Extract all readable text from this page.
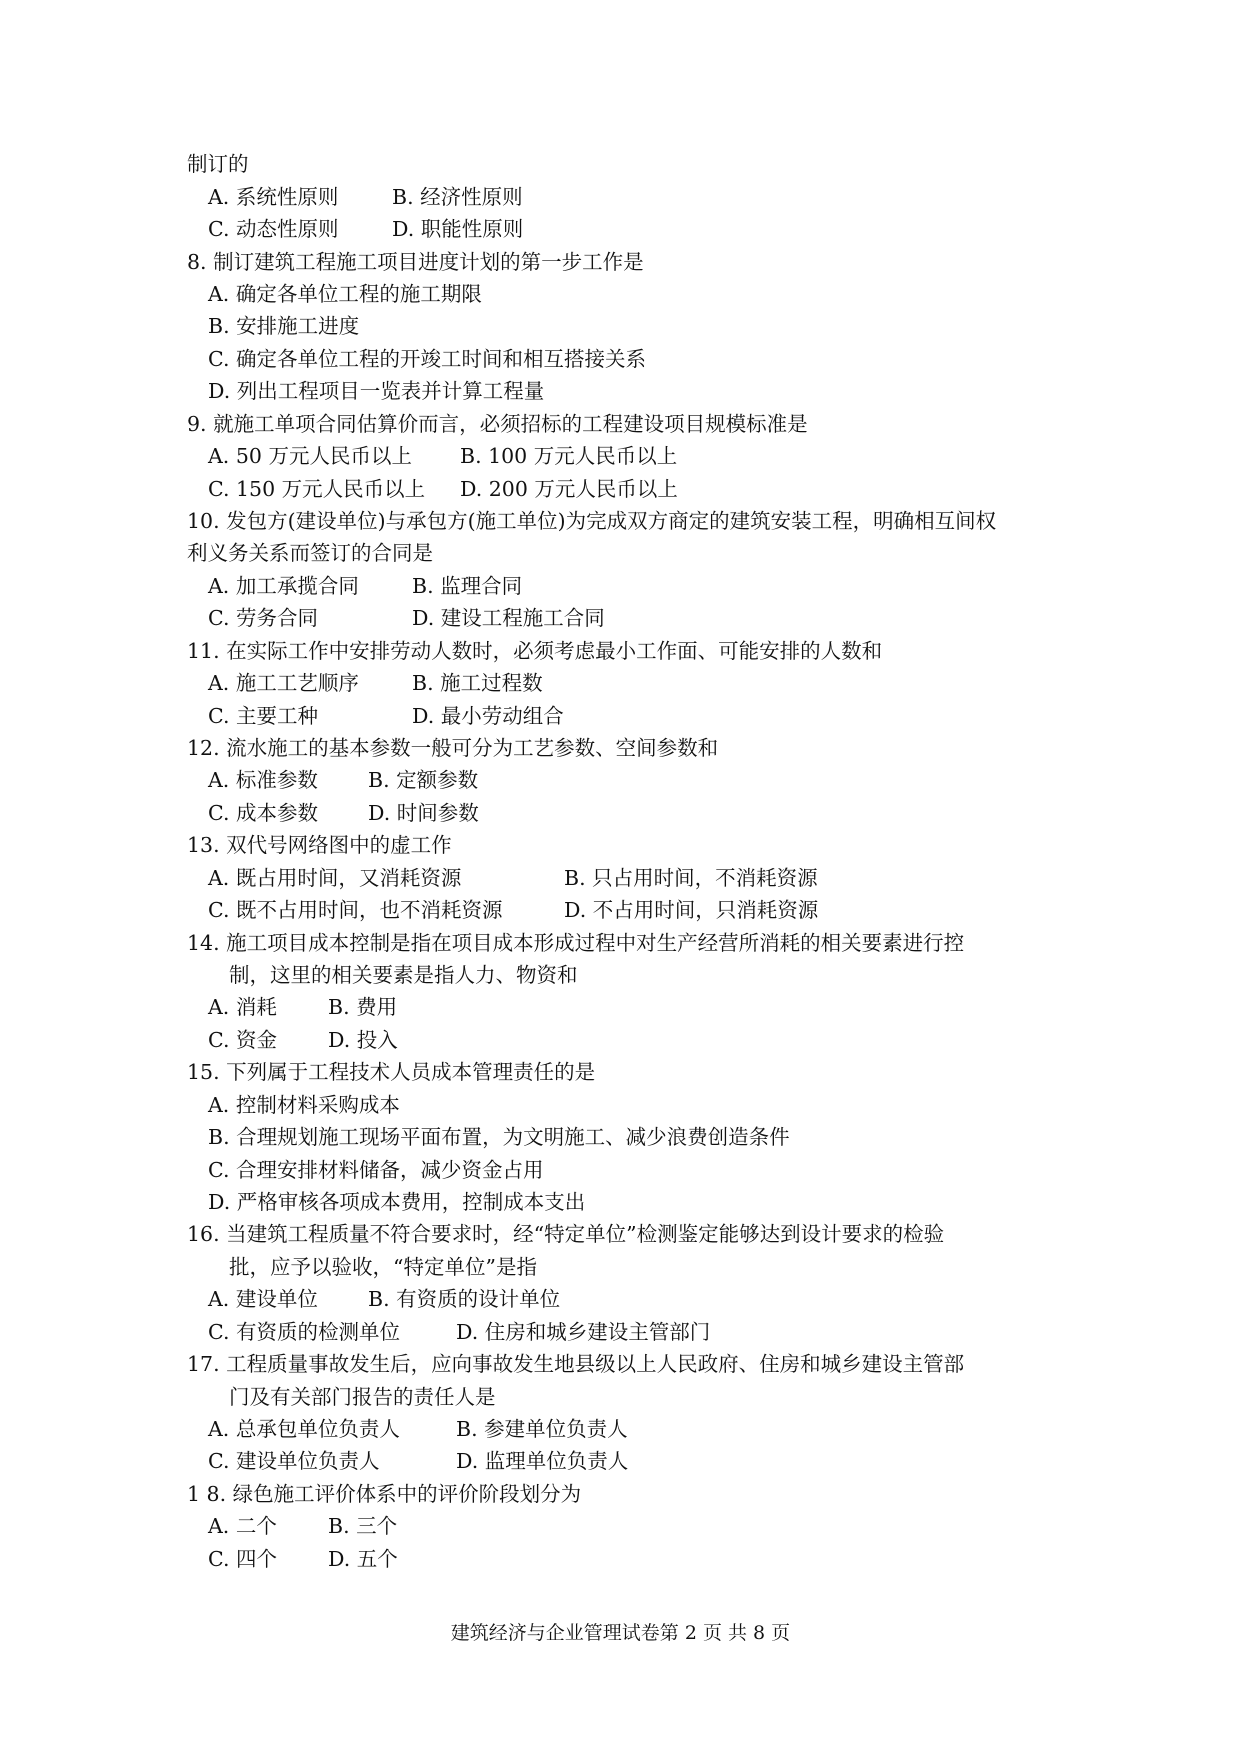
制订的
A. 系统性原则	B. 经济性原则
C. 动态性原则	D. 职能性原则
8. 制订建筑工程施工项目进度计划的第一步工作是
A. 确定各单位工程的施工期限
B. 安排施工进度
C. 确定各单位工程的开竣工时间和相互搭接关系
D. 列出工程项目一览表并计算工程量
9. 就施工单项合同估算价而言，必须招标的工程建设项目规模标准是
A. 50 万元人民币以上 B. 100 万元人民币以上
C. 150 万元人民币以上 D. 200 万元人民币以上
10. 发包方(建设单位)与承包方(施工单位)为完成双方商定的建筑安装工程，明确相互间权
利义务关系而签订的合同是
A. 加工承揽合同	B. 监理合同
C. 劳务合同	D. 建设工程施工合同
11. 在实际工作中安排劳动人数时，必须考虑最小工作面、可能安排的人数和
A. 施工工艺顺序	B. 施工过程数
C. 主要工种	D. 最小劳动组合
12. 流水施工的基本参数一般可分为工艺参数、空间参数和
A. 标准参数 B. 定额参数
C. 成本参数 D. 时间参数
13. 双代号网络图中的虚工作
A. 既占用时间，又消耗资源	B. 只占用时间，不消耗资源
C. 既不占用时间，也不消耗资源	D. 不占用时间，只消耗资源
14. 施工项目成本控制是指在项目成本形成过程中对生产经营所消耗的相关要素进行控
制，这里的相关要素是指人力、物资和
A. 消耗 B. 费用
C. 资金 D. 投入
15. 下列属于工程技术人员成本管理责任的是
A. 控制材料采购成本
B. 合理规划施工现场平面布置，为文明施工、减少浪费创造条件
C. 合理安排材料储备，减少资金占用
D. 严格审核各项成本费用，控制成本支出
16. 当建筑工程质量不符合要求时，经“特定单位”检测鉴定能够达到设计要求的检验
批，应予以验收，“特定单位”是指
A. 建设单位 B. 有资质的设计单位
C. 有资质的检测单位	D. 住房和城乡建设主管部门
17. 工程质量事故发生后，应向事故发生地县级以上人民政府、住房和城乡建设主管部
门及有关部门报告的责任人是
A. 总承包单位负责人	B. 参建单位负责人
C. 建设单位负责人	D. 监理单位负责人
1 8. 绿色施工评价体系中的评价阶段划分为
A. 二个 B. 三个
C. 四个 D. 五个
建筑经济与企业管理试卷第 2 页 共 8 页
